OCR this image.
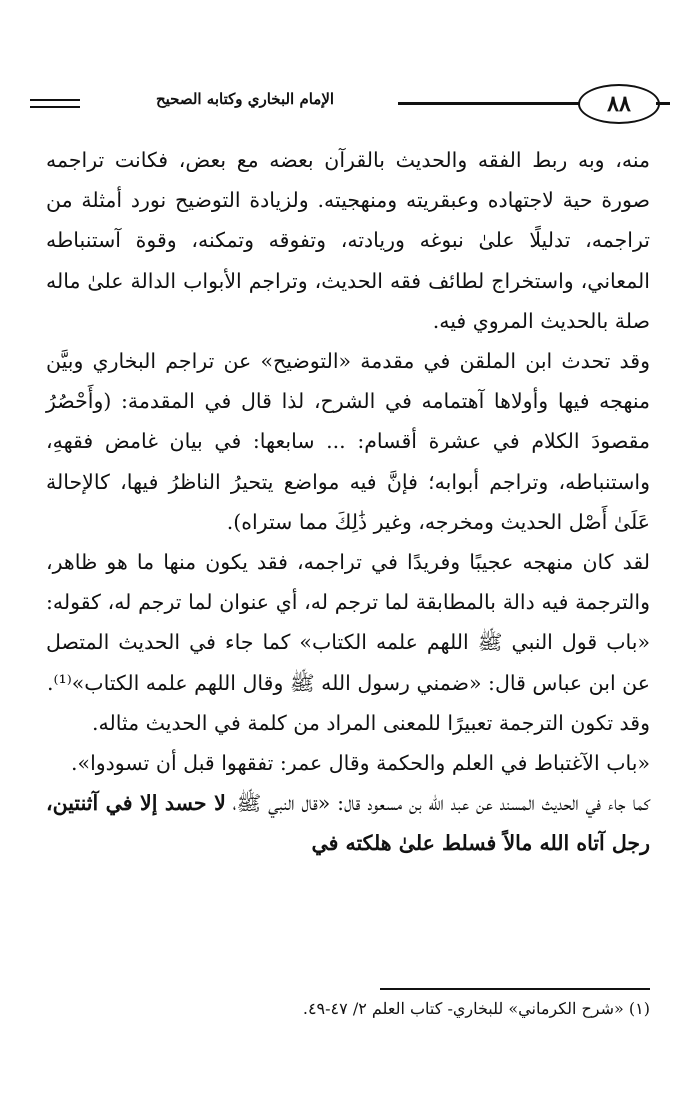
الإمام البخاري وكتابه الصحيح	٨٨

منه، وبه ربط الفقه والحديث بالقرآن بعضه مع بعض، فكانت تراجمه صورة حية لاجتهاده وعبقريته ومنهجيته. ولزيادة التوضيح نورد أمثلة من تراجمه، تدليلًا علىٰ نبوغه وريادته، وتفوقه وتمكنه، وقوة آستنباطه المعاني، واستخراج لطائف فقه الحديث، وتراجم الأبواب الدالة علىٰ ماله صلة بالحديث المروي فيه.

وقد تحدث ابن الملقن في مقدمة «التوضيح» عن تراجم البخاري وبيَّن منهجه فيها وأولاها آهتمامه في الشرح، لذا قال في المقدمة: (وأَحْصُرُ مقصودَ الكلام في عشرة أقسام: ... سابعها: في بيان غامض فقههِ، واستنباطه، وتراجم أبوابه؛ فإنَّ فيه مواضع يتحيرُ الناظرُ فيها، كالإحالة عَلَىٰ أَصْل الحديث ومخرجه، وغير ذَٰلِكَ مما ستراه).

لقد كان منهجه عجيبًا وفريدًا في تراجمه، فقد يكون منها ما هو ظاهر، والترجمة فيه دالة بالمطابقة لما ترجم له، أي عنوان لما ترجم له، كقوله: «باب قول النبي ﷺ اللهم علمه الكتاب» كما جاء في الحديث المتصل عن ابن عباس قال: «ضمني رسول الله ﷺ وقال اللهم علمه الكتاب»⁽¹⁾.

وقد تكون الترجمة تعبيرًا للمعنى المراد من كلمة في الحديث مثاله.

«باب الآغتباط في العلم والحكمة وقال عمر: تفقهوا قبل أن تسودوا».

كما جاء في الحديث المسند عن عبد الله بن مسعود قال: «قال النبي ﷺ، لا حسد إلا في آثنتين، رجل آتاه الله مالاً فسلط علىٰ هلكته في

(١) «شرح الكرماني» للبخاري- كتاب العلم ٢/ ٤٧-٤٩.
